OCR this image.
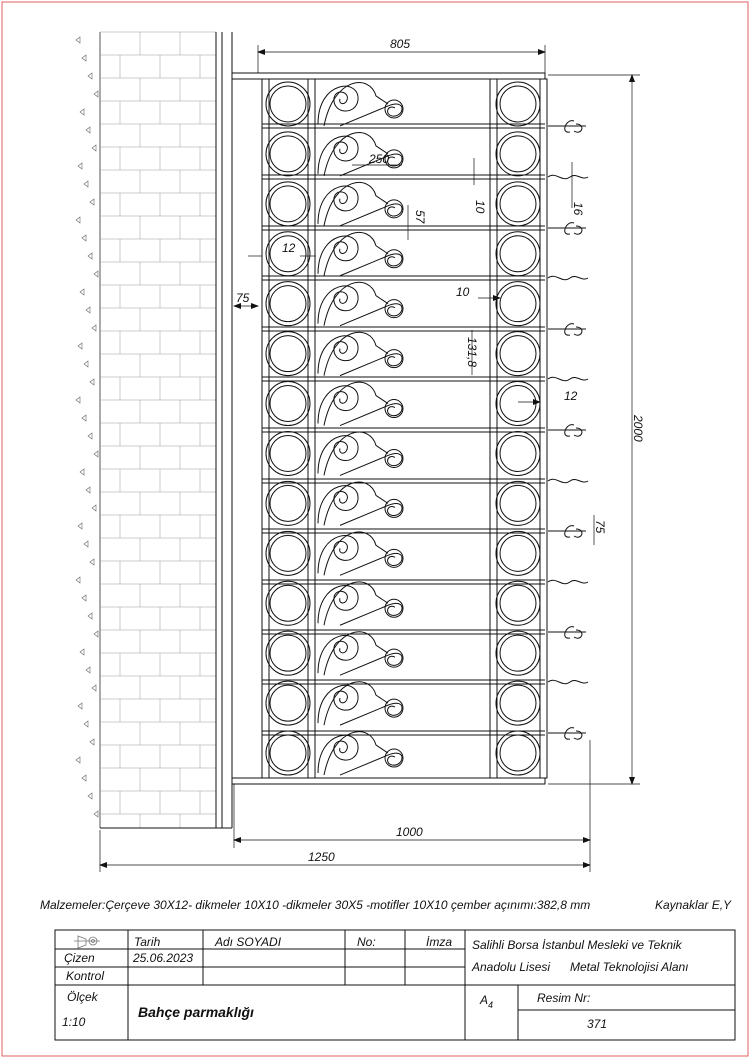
805
2000
1000
1250
75
12
250
57
10
10
131,8
12
16
75
Malzemeler:Çerçeve 30X12- dikmeler 10X10 -dikmeler 30X5 -motifler 10X10 çember açınımı:382,8 mm	Kaynaklar E,Y
Tarih	Adı SOYADI	No:	İmza
Çizen	25.06.2023
Kontrol
Ölçek
1:10
Bahçe parmaklığı
Salihli Borsa İstanbul Mesleki ve Teknik
Anadolu Lisesi Metal Teknolojisi Alanı
$A_4$	Resim Nr:
371
